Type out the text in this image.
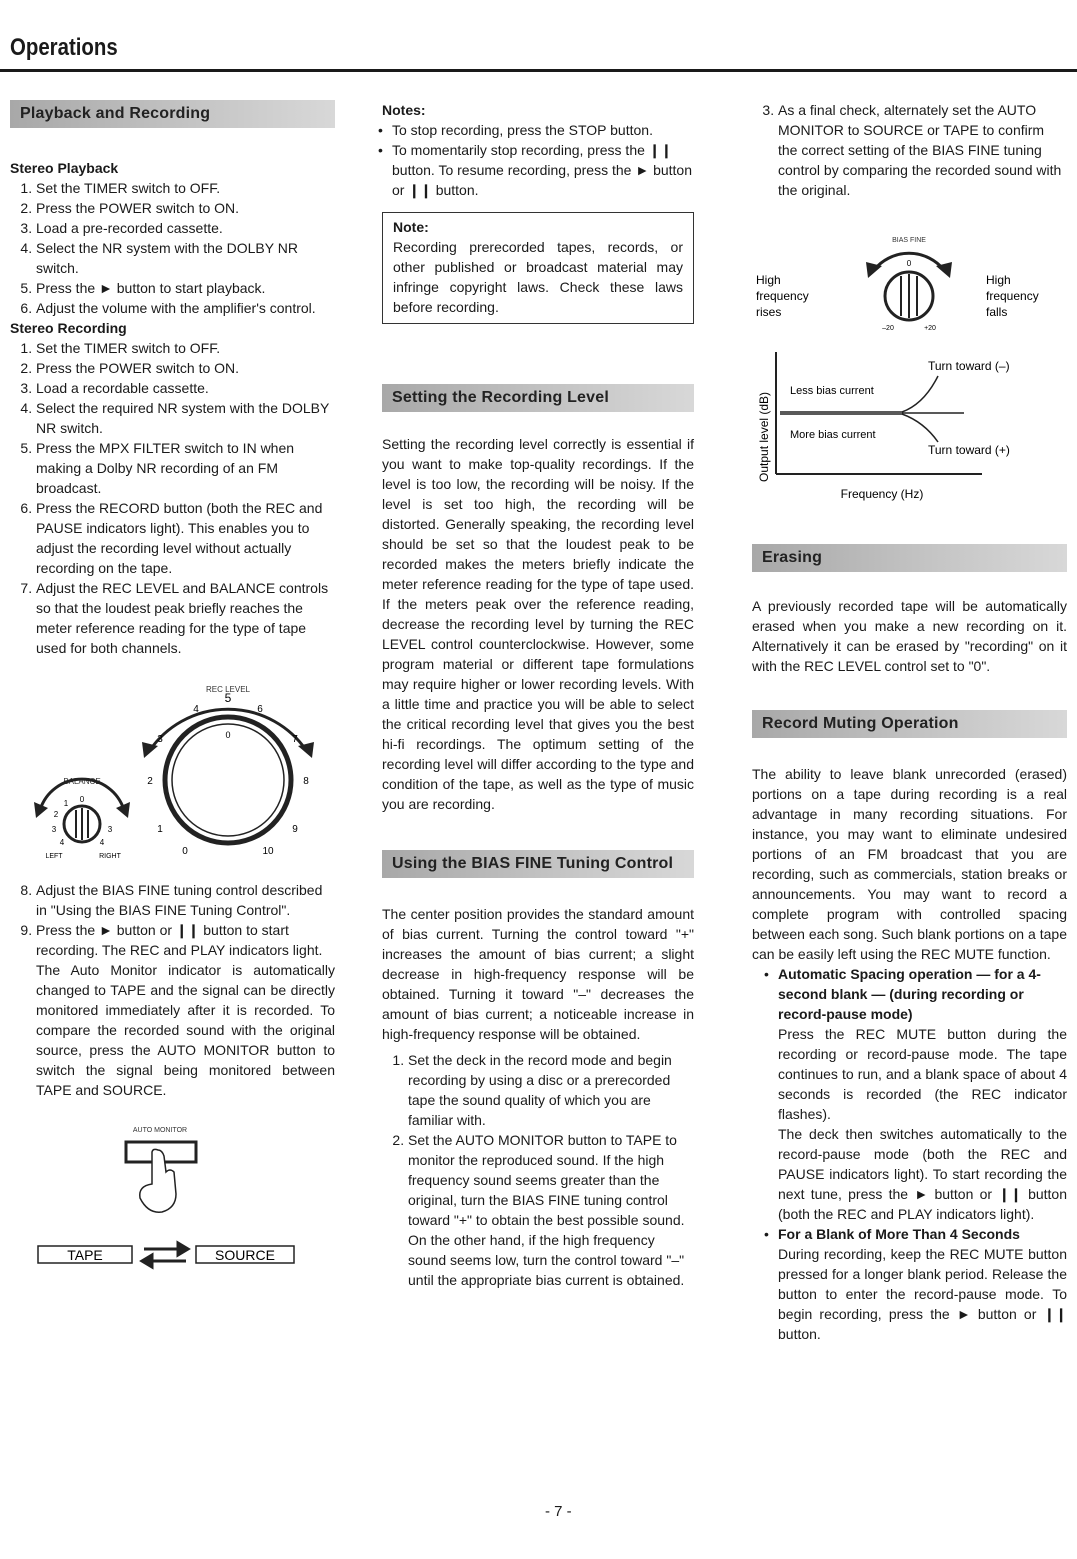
Operations
Playback and Recording

Stereo Playback

1. Set the TIMER switch to OFF.
2. Press the POWER switch to ON.
3. Load a pre-recorded cassette.
4. Select the NR system with the DOLBY NR switch.
5. Press the ► button to start playback.
6. Adjust the volume with the amplifier's control.

Stereo Recording

1. Set the TIMER switch to OFF.
2. Press the POWER switch to ON.
3. Load a recordable cassette.
4. Select the required NR system with the DOLBY NR switch.
5. Press the MPX FILTER switch to IN when making a Dolby NR recording of an FM broadcast.
6. Press the RECORD button (both the REC and PAUSE indicators light). This enables you to adjust the recording level without actually recording on the tape.
7. Adjust the REC LEVEL and BALANCE controls so that the loudest peak briefly reaches the meter reference reading for the type of tape used for both channels.
REC LEVEL
0
1
2
3
4
5
6
7
8
9
10
0
BALANCE
0
1
2
3
4
3
4
LEFT	RIGHT
8. Adjust the BIAS FINE tuning control described in "Using the BIAS FINE Tuning Control".
9. Press the ► button or ❙❙ button to start recording. The REC and PLAY indicators light.

The Auto Monitor indicator is automatically changed to TAPE and the signal can be directly monitored immediately after it is recorded. To compare the recorded sound with the original source, press the AUTO MONITOR button to switch the signal being monitored between TAPE and SOURCE.

AUTO MONITOR
TAPE	SOURCE

Notes:

• To stop recording, press the STOP button.
• To momentarily stop recording, press the ❙❙ button. To resume recording, press the ► button or ❙❙ button.
Note:

Recording prerecorded tapes, records, or other published or broadcast material may infringe copyright laws. Check these laws before recording.

Setting the Recording Level

Setting the recording level correctly is essential if you want to make top-quality recordings. If the level is too low, the recording will be noisy. If the level is set too high, the recording will be distorted. Generally speaking, the recording level should be set so that the loudest peak to be recorded makes the meters briefly indicate the meter reference reading for the type of tape used. If the meters peak over the reference reading, decrease the recording level by turning the REC LEVEL control counterclockwise. However, some program material or different tape formulations may require higher or lower recording levels. With a little time and practice you will be able to select the critical recording level that gives you the best hi-fi recordings. The optimum setting of the recording level will differ according to the type and condition of the tape, as well as the type of music you are recording.

Using the BIAS FINE Tuning Control

The center position provides the standard amount of bias current. Turning the control toward "+" increases the amount of bias current; a slight decrease in high-frequency response will be obtained. Turning it toward "–" decreases the amount of bias current; a noticeable increase in high-frequency response will be obtained.

1. Set the deck in the record mode and begin recording by using a disc or a prerecorded tape the sound quality of which you are familiar with.
2. Set the AUTO MONITOR button to TAPE to monitor the reproduced sound. If the high frequency sound seems greater than the original, turn the BIAS FINE tuning control toward "+" to obtain the best possible sound. On the other hand, if the high frequency sound seems low, turn the control toward "–" until the appropriate bias current is obtained.
3. As a final check, alternately set the AUTO MONITOR to SOURCE or TAPE to confirm the correct setting of the BIAS FINE tuning control by comparing the recorded sound with the original.
BIAS FINE
0
–20	+20
High
frequency
rises
High
frequency
falls
Output level (dB)
Frequency (Hz)
Less bias current
More bias current
Turn toward (–)
Turn toward (+)
Erasing

A previously recorded tape will be automatically erased when you make a new recording on it. Alternatively it can be erased by "recording" on it with the REC LEVEL control set to "0".

Record Muting Operation

The ability to leave blank unrecorded (erased) portions on a tape during recording is a real advantage in many recording situations. For instance, you may want to eliminate undesired portions of an FM broadcast that you are recording, such as commercials, station breaks or announcements. You may want to record a complete program with controlled spacing between each song. Such blank portions on a tape can be easily left using the REC MUTE function.

• Automatic Spacing operation — for a 4-second blank — (during recording or record-pause mode)

Press the REC MUTE button during the recording or record-pause mode. The tape continues to run, and a blank space of about 4 seconds is recorded (the REC indicator flashes).

The deck then switches automatically to the record-pause mode (both the REC and PAUSE indicators light). To start recording the next tune, press the ► button or ❙❙ button (both the REC and PLAY indicators light).

• For a Blank of More Than 4 Seconds

During recording, keep the REC MUTE button pressed for a longer blank period. Release the button to enter the record-pause mode. To begin recording, press the ► button or ❙❙ button.

- 7 -
